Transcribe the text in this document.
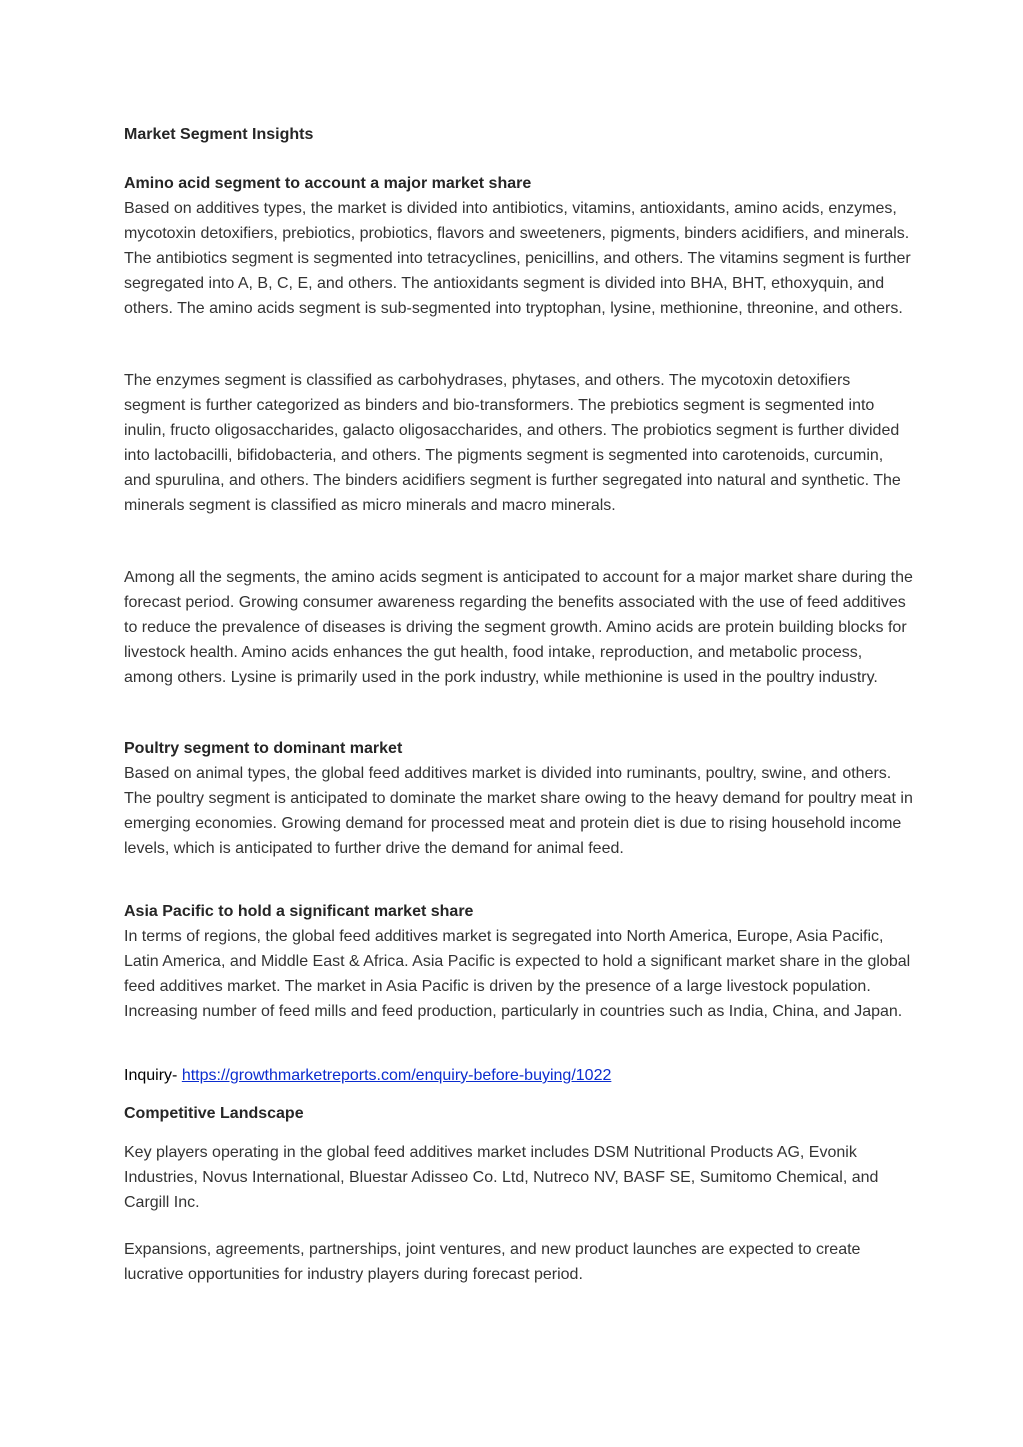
Market Segment Insights

Amino acid segment to account a major market share

Based on additives types, the market is divided into antibiotics, vitamins, antioxidants, amino acids, enzymes, mycotoxin detoxifiers, prebiotics, probiotics, flavors and sweeteners, pigments, binders acidifiers, and minerals. The antibiotics segment is segmented into tetracyclines, penicillins, and others. The vitamins segment is further segregated into A, B, C, E, and others. The antioxidants segment is divided into BHA, BHT, ethoxyquin, and others. The amino acids segment is sub-segmented into tryptophan, lysine, methionine, threonine, and others.

The enzymes segment is classified as carbohydrases, phytases, and others. The mycotoxin detoxifiers segment is further categorized as binders and bio-transformers. The prebiotics segment is segmented into inulin, fructo oligosaccharides, galacto oligosaccharides, and others. The probiotics segment is further divided into lactobacilli, bifidobacteria, and others. The pigments segment is segmented into carotenoids, curcumin, and spurulina, and others. The binders acidifiers segment is further segregated into natural and synthetic. The minerals segment is classified as micro minerals and macro minerals.

Among all the segments, the amino acids segment is anticipated to account for a major market share during the forecast period. Growing consumer awareness regarding the benefits associated with the use of feed additives to reduce the prevalence of diseases is driving the segment growth. Amino acids are protein building blocks for livestock health. Amino acids enhances the gut health, food intake, reproduction, and metabolic process, among others. Lysine is primarily used in the pork industry, while methionine is used in the poultry industry.

Poultry segment to dominant market

Based on animal types, the global feed additives market is divided into ruminants, poultry, swine, and others. The poultry segment is anticipated to dominate the market share owing to the heavy demand for poultry meat in emerging economies. Growing demand for processed meat and protein diet is due to rising household income levels, which is anticipated to further drive the demand for animal feed.

Asia Pacific to hold a significant market share

In terms of regions, the global feed additives market is segregated into North America, Europe, Asia Pacific, Latin America, and Middle East & Africa. Asia Pacific is expected to hold a significant market share in the global feed additives market. The market in Asia Pacific is driven by the presence of a large livestock population. Increasing number of feed mills and feed production, particularly in countries such as India, China, and Japan.

Inquiry- https://growthmarketreports.com/enquiry-before-buying/1022

Competitive Landscape

Key players operating in the global feed additives market includes DSM Nutritional Products AG, Evonik Industries, Novus International, Bluestar Adisseo Co. Ltd, Nutreco NV, BASF SE, Sumitomo Chemical, and Cargill Inc.

Expansions, agreements, partnerships, joint ventures, and new product launches are expected to create lucrative opportunities for industry players during forecast period.
